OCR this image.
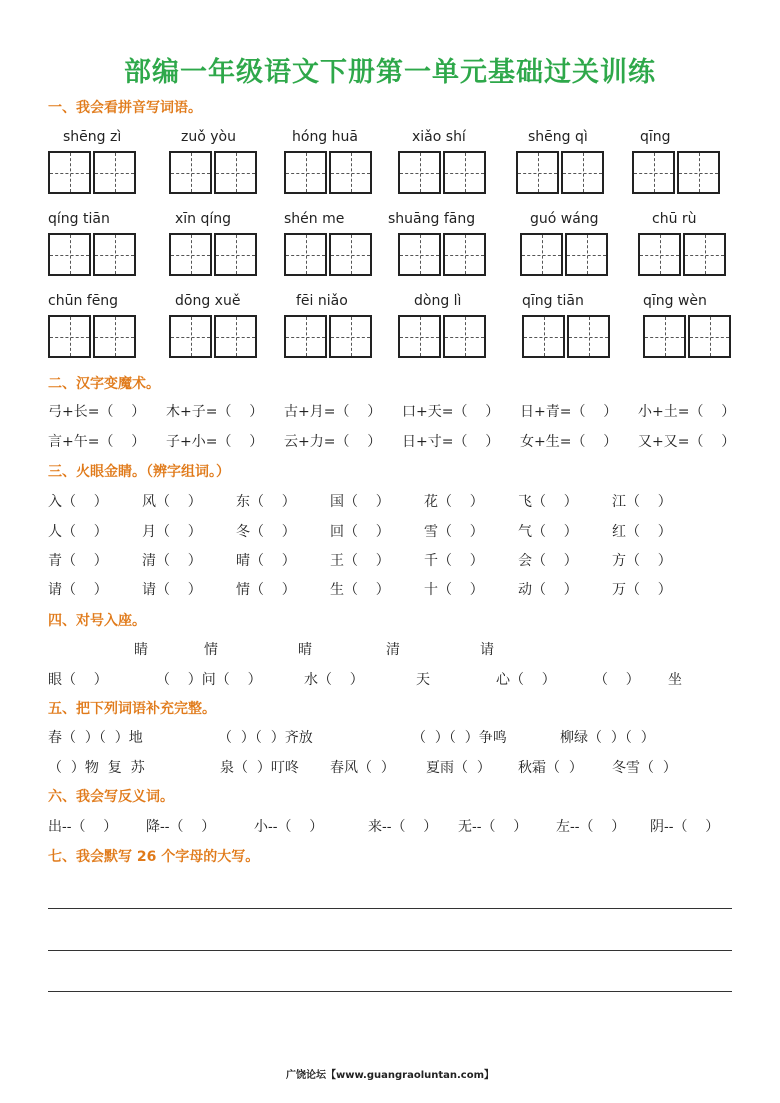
部编一年级语文下册第一单元基础过关训练
一、我会看拼音写词语。
shēng zì	zuǒ yòu	hóng huā	xiǎo shí	shēng qì	qīng
qíng tiān	xīn qíng	shén me	shuāng fāng	guó wáng	chū rù
chūn fēng	dōng xuě	fēi niǎo	dòng lì	qīng tiān	qīng wèn
二、汉字变魔术。
弓+长=（    ） 木+子=（    ） 古+月=（    ） 口+天=（    ） 日+青=（    ） 小+土=（    ）
言+午=（    ） 子+小=（    ） 云+力=（    ） 日+寸=（    ） 女+生=（    ） 又+又=（    ）
三、火眼金睛。（辨字组词。）
入（    ） 风（    ） 东（    ） 国（    ） 花（    ） 飞（    ） 江（    ）
人（    ） 月（    ） 冬（    ） 回（    ） 雪（    ） 气（    ） 红（    ）
青（    ） 清（    ） 晴（    ） 王（    ） 千（    ） 会（    ） 方（    ）
请（    ） 请（    ） 情（    ） 生（    ） 十（    ） 动（    ） 万（    ）
四、对号入座。
睛	情	晴	清	请
眼（    ）	（    ）问（    ）	水（    ）	天	心（    ）	（    ） 坐
五、把下列词语补充完整。
春（  ）（  ）地	（  ）（  ）齐放	（  ）（  ）争鸣	柳绿（  ）（  ）
（  ）物  复  苏	泉（  ）叮咚 春风（  ） 夏雨（  ） 秋霜（  ） 冬雪（  ）
六、我会写反义词。
出--（    ） 降--（    ）	小--（    ）	来--（    ） 无--（    ） 左--（    ） 阴--（    ）
七、我会默写 26 个字母的大写。
广饶论坛【www.guangraoluntan.com】
